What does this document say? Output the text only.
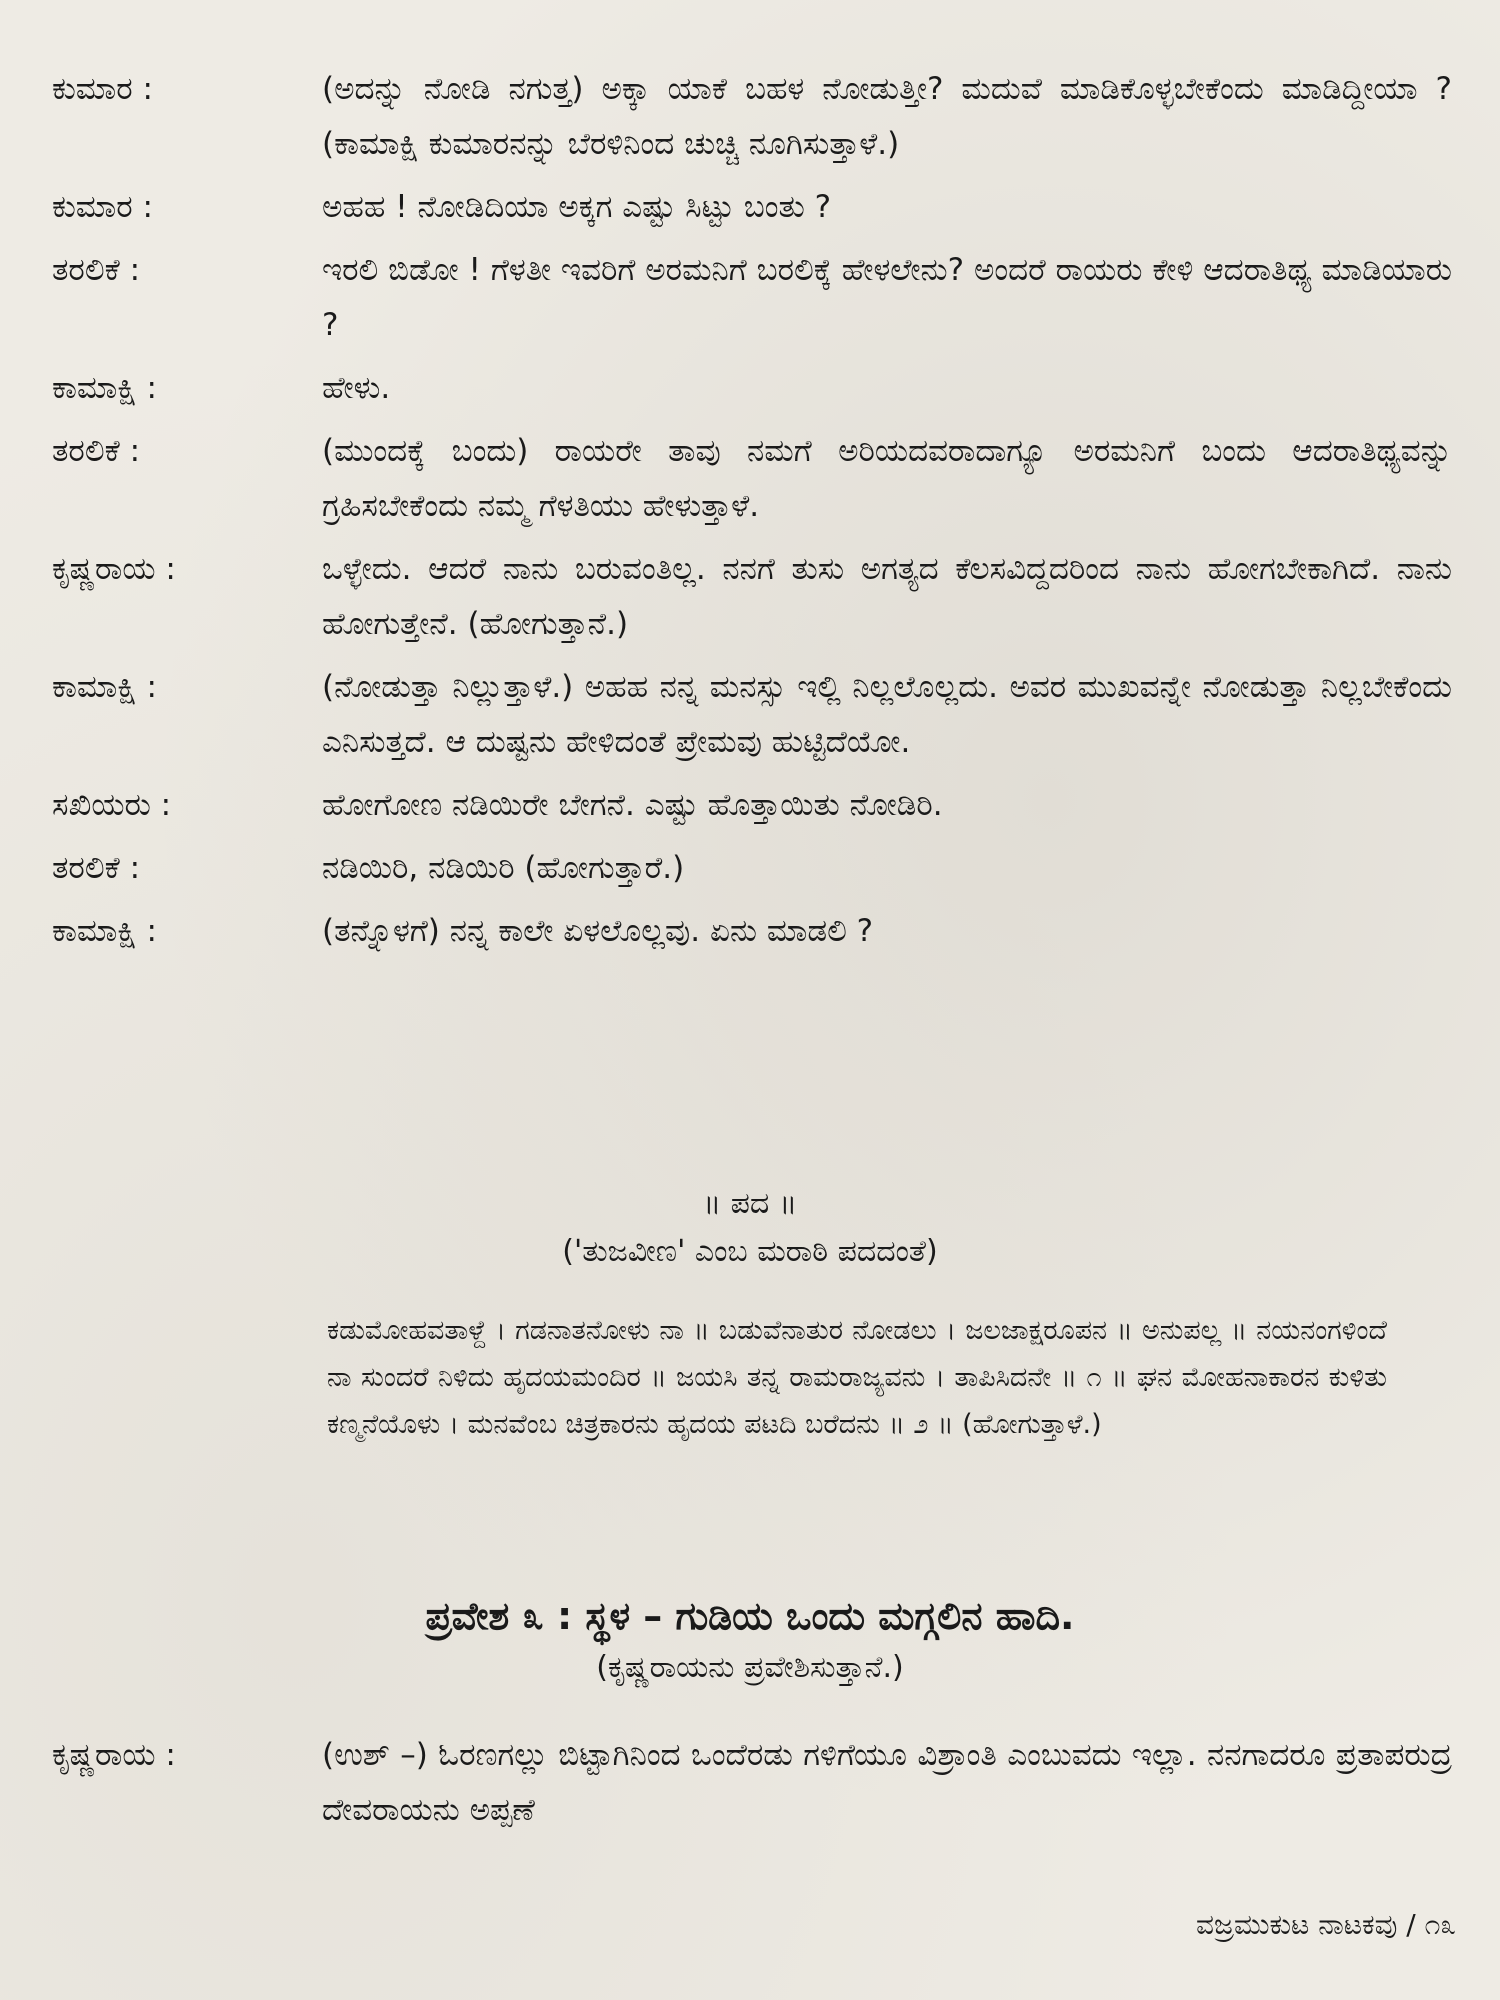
ಕುಮಾರ :	(ಅದನ್ನು ನೋಡಿ ನಗುತ್ತ) ಅಕ್ಕಾ ಯಾಕೆ ಬಹಳ ನೋಡುತ್ತೀ? ಮದುವೆ ಮಾಡಿಕೊಳ್ಳಬೇಕೆಂದು ಮಾಡಿದ್ದೀಯಾ ? (ಕಾಮಾಕ್ಷಿ ಕುಮಾರನನ್ನು ಬೆರಳಿನಿಂದ ಚುಚ್ಚಿ ನೂಗಿಸುತ್ತಾಳೆ.)
ಕುಮಾರ :	ಅಹಹ ! ನೋಡಿದಿಯಾ ಅಕ್ಕಗ ಎಷ್ಟು ಸಿಟ್ಟು ಬಂತು ?
ತರಲಿಕೆ :	ಇರಲಿ ಬಿಡೋ ! ಗೆಳತೀ ಇವರಿಗೆ ಅರಮನಿಗೆ ಬರಲಿಕ್ಕೆ ಹೇಳಲೇನು? ಅಂದರೆ ರಾಯರು ಕೇಳಿ ಆದರಾತಿಥ್ಯ ಮಾಡಿಯಾರು ?
ಕಾಮಾಕ್ಷಿ :	ಹೇಳು.
ತರಲಿಕೆ :	(ಮುಂದಕ್ಕೆ ಬಂದು) ರಾಯರೇ ತಾವು ನಮಗೆ ಅರಿಯದವರಾದಾಗ್ಯೂ ಅರಮನಿಗೆ ಬಂದು ಆದರಾತಿಥ್ಯವನ್ನು ಗ್ರಹಿಸಬೇಕೆಂದು ನಮ್ಮ ಗೆಳತಿಯು ಹೇಳುತ್ತಾಳೆ.
ಕೃಷ್ಣರಾಯ :	ಒಳ್ಳೇದು. ಆದರೆ ನಾನು ಬರುವಂತಿಲ್ಲ. ನನಗೆ ತುಸು ಅಗತ್ಯದ ಕೆಲಸವಿದ್ದದರಿಂದ ನಾನು ಹೋಗಬೇಕಾಗಿದೆ. ನಾನು ಹೋಗುತ್ತೇನೆ. (ಹೋಗುತ್ತಾನೆ.)
ಕಾಮಾಕ್ಷಿ :	(ನೋಡುತ್ತಾ ನಿಲ್ಲುತ್ತಾಳೆ.) ಅಹಹ ನನ್ನ ಮನಸ್ಸು ಇಲ್ಲಿ ನಿಲ್ಲಲೊಲ್ಲದು. ಅವರ ಮುಖವನ್ನೇ ನೋಡುತ್ತಾ ನಿಲ್ಲಬೇಕೆಂದು ಎನಿಸುತ್ತದೆ. ಆ ದುಷ್ಟನು ಹೇಳಿದಂತೆ ಪ್ರೇಮವು ಹುಟ್ಟಿದೆಯೋ.
ಸಖಿಯರು :	ಹೋಗೋಣ ನಡಿಯಿರೇ ಬೇಗನೆ. ಎಷ್ಟು ಹೊತ್ತಾಯಿತು ನೋಡಿರಿ.
ತರಲಿಕೆ :	ನಡಿಯಿರಿ, ನಡಿಯಿರಿ (ಹೋಗುತ್ತಾರೆ.)
ಕಾಮಾಕ್ಷಿ :	(ತನ್ನೊಳಗೆ) ನನ್ನ ಕಾಲೇ ಏಳಲೊಲ್ಲವು. ಏನು ಮಾಡಲಿ ?
॥ ಪದ ॥
('ತುಜವೀಣ' ಎಂಬ ಮರಾಠಿ ಪದದಂತೆ)
ಕಡುಮೋಹವತಾಳ್ದೆ । ಗಡನಾತನೋಳು ನಾ ॥ ಬಡುವೆನಾತುರ ನೋಡಲು । ಜಲಜಾಕ್ಷರೂಪನ ॥ ಅನುಪಲ್ಲ ॥ ನಯನಂಗಳಿಂದೆ ನಾ ಸುಂದರೆ ನಿಳಿದು ಹೃದಯಮಂದಿರ ॥ ಜಯಸಿ ತನ್ನ ರಾಮರಾಜ್ಯವನು । ತಾಪಿಸಿದನೇ ॥ ೧ ॥ ಘನ ಮೋಹನಾಕಾರನ ಕುಳಿತು ಕಣ್ಮನೆಯೊಳು । ಮನವೆಂಬ ಚಿತ್ರಕಾರನು ಹೃದಯ ಪಟದಿ ಬರೆದನು ॥ ೨ ॥ (ಹೋಗುತ್ತಾಳೆ.)
ಪ್ರವೇಶ ೩ : ಸ್ಥಳ – ಗುಡಿಯ ಒಂದು ಮಗ್ಗಲಿನ ಹಾದಿ.
(ಕೃಷ್ಣರಾಯನು ಪ್ರವೇಶಿಸುತ್ತಾನೆ.)
ಕೃಷ್ಣರಾಯ :	(ಉಶ್ –) ಓರಣಗಲ್ಲು ಬಿಟ್ಟಾಗಿನಿಂದ ಒಂದೆರಡು ಗಳಿಗೆಯೂ ವಿಶ್ರಾಂತಿ ಎಂಬುವದು ಇಲ್ಲಾ. ನನಗಾದರೂ ಪ್ರತಾಪರುದ್ರ ದೇವರಾಯನು ಅಪ್ಪಣೆ
ವಜ್ರಮುಕುಟ ನಾಟಕವು / ೧೩
